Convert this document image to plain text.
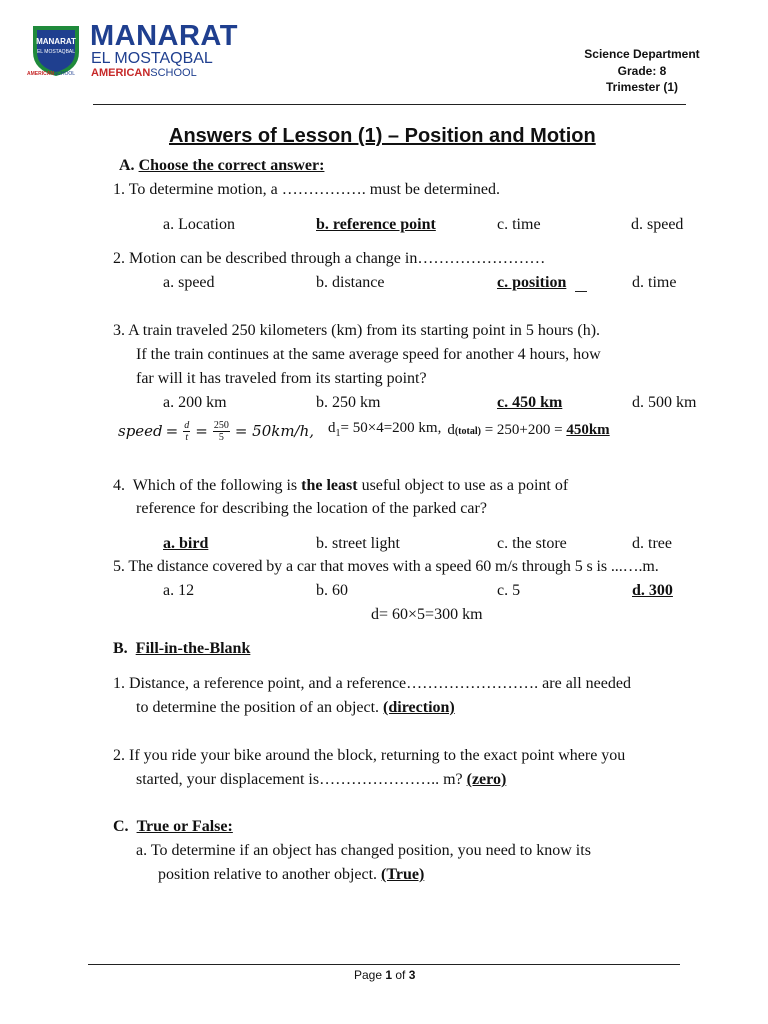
MANARAT
EL MOSTAQBAL
AMERICANSCHOOL
MANARAT
EL MOSTAQBAL
AMERICANSCHOOL
Science Department
Grade: 8
Trimester (1)
Answers of Lesson (1) – Position and Motion
A. Choose the correct answer:
1. To determine motion, a ……………. must be determined.
a. Location	b. reference point	c. time	d. speed
2. Motion can be described through a change in……………………
a. speed	b. distance	c. position	d. time
3. A train traveled 250 kilometers (km) from its starting point in 5 hours (h).
If the train continues at the same average speed for another 4 hours, how
far will it has traveled from its starting point?
a. 200 km	b. 250 km	c. 450 km	d. 500 km
speed = $\frac{d}{t} = \frac{250}{5} = 50km/h$, $d_1= 50\times 4=200$ km, d(total) = 250+200 = 450km
4.  Which of the following is the least useful object to use as a point of
reference for describing the location of the parked car?
a. bird	b. street light	c. the store	d. tree
5. The distance covered by a car that moves with a speed 60 m/s through 5 s is ...….m.
a. 12	b. 60	c. 5	d. 300
d= 60×5=300 km
B. Fill-in-the-Blank
1. Distance, a reference point, and a reference……………………. are all needed
to determine the position of an object. (direction)
2. If you ride your bike around the block, returning to the exact point where you
started, your displacement is………………….. m? (zero)
C. True or False:
a. To determine if an object has changed position, you need to know its
position relative to another object. (True)
Page 1 of 3
